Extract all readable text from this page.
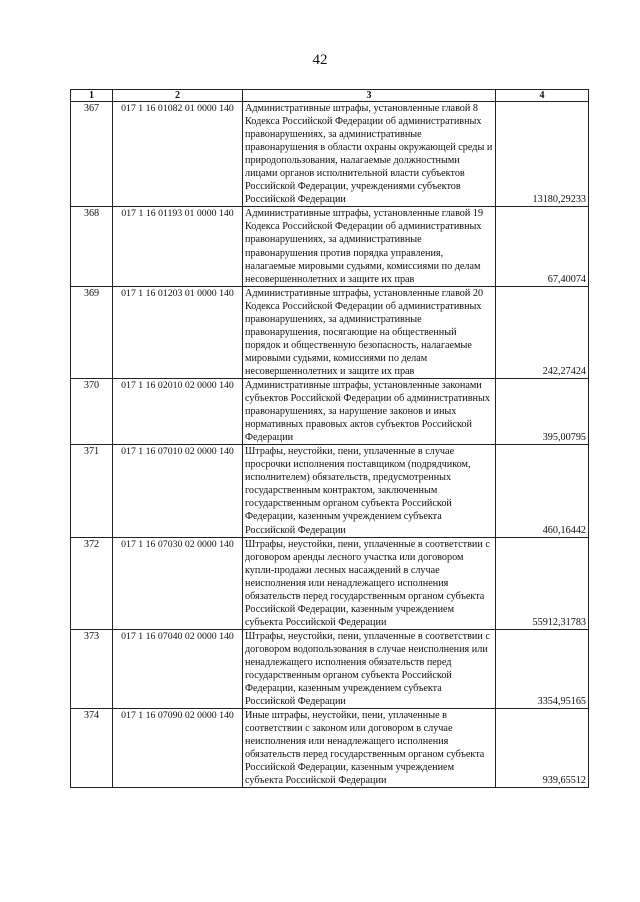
42
1	2	3	4
367	017 1 16 01082 01 0000 140	Административные штрафы, установленные главой 8 Кодекса Российской Федерации об административных правонарушениях, за административные правонарушения в области охраны окружающей среды и природопользования, налагаемые должностными лицами органов исполнительной власти субъектов Российской Федерации, учреждениями субъектов Российской Федерации	13180,29233
368	017 1 16 01193 01 0000 140	Административные штрафы, установленные главой 19 Кодекса Российской Федерации об административных правонарушениях, за административные правонарушения против порядка управления, налагаемые мировыми судьями, комиссиями по делам несовершеннолетних и защите их прав	67,40074
369	017 1 16 01203 01 0000 140	Административные штрафы, установленные главой 20 Кодекса Российской Федерации об административных правонарушениях, за административные правонарушения, посягающие на общественный порядок и общественную безопасность, налагаемые мировыми судьями, комиссиями по делам несовершеннолетних и защите их прав	242,27424
370	017 1 16 02010 02 0000 140	Административные штрафы, установленные законами субъектов Российской Федерации об административных правонарушениях, за нарушение законов и иных нормативных правовых актов субъектов Российской Федерации	395,00795
371	017 1 16 07010 02 0000 140	Штрафы, неустойки, пени, уплаченные в случае просрочки исполнения поставщиком (подрядчиком, исполнителем) обязательств, предусмотренных государственным контрактом, заключенным государственным органом субъекта Российской Федерации, казенным учреждением субъекта Российской Федерации	460,16442
372	017 1 16 07030 02 0000 140	Штрафы, неустойки, пени, уплаченные в соответствии с договором аренды лесного участка или договором купли-продажи лесных насаждений в случае неисполнения или ненадлежащего исполнения обязательств перед государственным органом субъекта Российской Федерации, казенным учреждением субъекта Российской Федерации	55912,31783
373	017 1 16 07040 02 0000 140	Штрафы, неустойки, пени, уплаченные в соответствии с договором водопользования в случае неисполнения или ненадлежащего исполнения обязательств перед государственным органом субъекта Российской Федерации, казенным учреждением субъекта Российской Федерации	3354,95165
374	017 1 16 07090 02 0000 140	Иные штрафы, неустойки, пени, уплаченные в соответствии с законом или договором в случае неисполнения или ненадлежащего исполнения обязательств перед государственным органом субъекта Российской Федерации, казенным учреждением субъекта Российской Федерации	939,65512
